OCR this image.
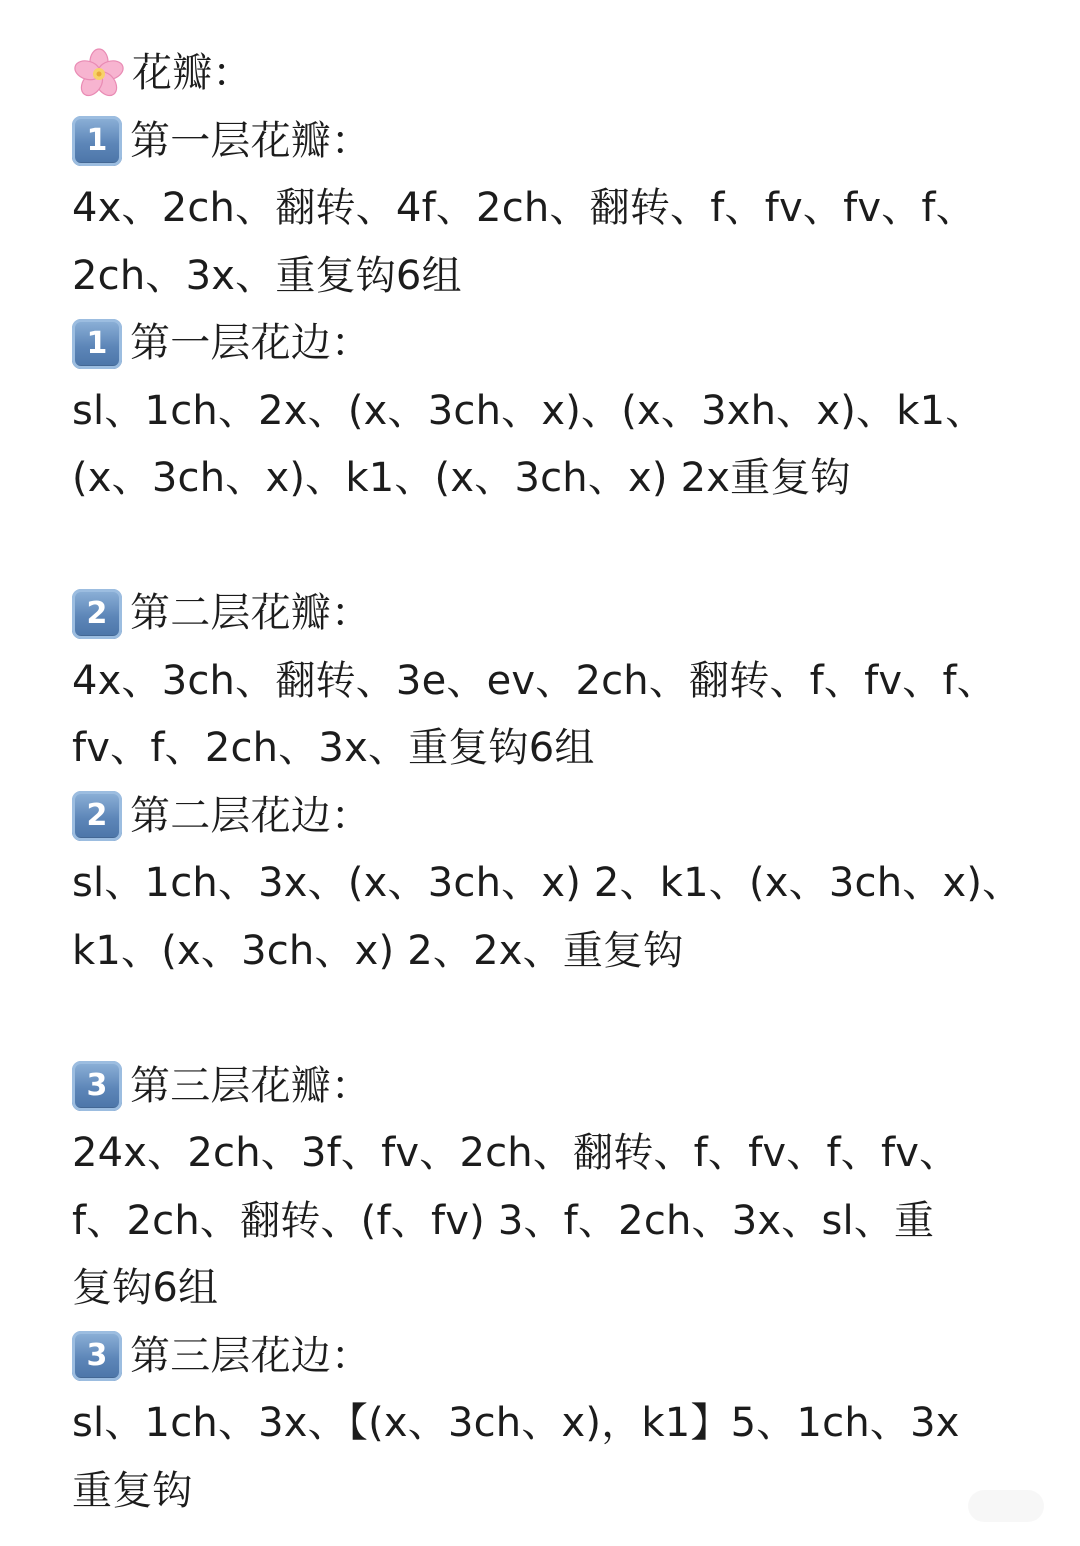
花瓣：
1 第一层花瓣：
4x、2ch、翻转、4f、2ch、翻转、f、fv、fv、f、
2ch、3x、重复钩6组
1 第一层花边：
sl、1ch、2x、(x、3ch、x)、(x、3xh、x)、k1、
(x、3ch、x)、k1、(x、3ch、x) 2x重复钩
2 第二层花瓣：
4x、3ch、翻转、3e、ev、2ch、翻转、f、fv、f、
fv、f、2ch、3x、重复钩6组
2 第二层花边：
sl、1ch、3x、(x、3ch、x) 2、k1、(x、3ch、x)、
k1、(x、3ch、x) 2、2x、重复钩
3 第三层花瓣：
24x、2ch、3f、fv、2ch、翻转、f、fv、f、fv、
f、2ch、翻转、(f、fv) 3、f、2ch、3x、sl、重
复钩6组
3 第三层花边：
sl、1ch、3x、【(x、3ch、x)，k1】5、1ch、3x
重复钩
